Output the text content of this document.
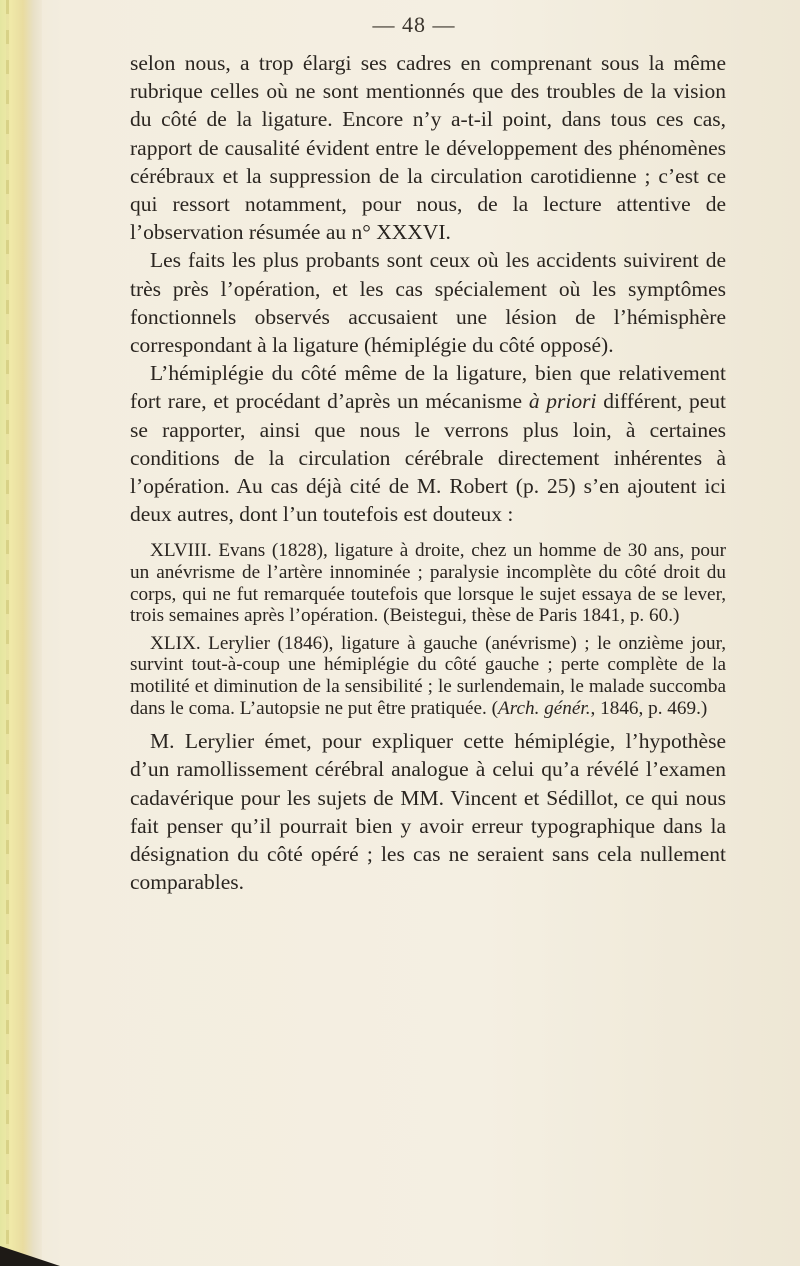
— 48 —

selon nous, a trop élargi ses cadres en comprenant sous la même rubrique celles où ne sont mentionnés que des troubles de la vision du côté de la ligature. Encore n’y a-t-il point, dans tous ces cas, rapport de causalité évident entre le développement des phénomènes cérébraux et la suppression de la circulation carotidienne ; c’est ce qui ressort notamment, pour nous, de la lecture attentive de l’observation résumée au n° XXXVI.

Les faits les plus probants sont ceux où les accidents suivirent de très près l’opération, et les cas spécialement où les symptômes fonctionnels observés accusaient une lésion de l’hémisphère correspondant à la ligature (hémiplégie du côté opposé).

L’hémiplégie du côté même de la ligature, bien que relativement fort rare, et procédant d’après un mécanisme à priori différent, peut se rapporter, ainsi que nous le verrons plus loin, à certaines conditions de la circulation cérébrale directement inhérentes à l’opération. Au cas déjà cité de M. Robert (p. 25) s’en ajoutent ici deux autres, dont l’un toutefois est douteux :

XLVIII. Evans (1828), ligature à droite, chez un homme de 30 ans, pour un anévrisme de l’artère innominée ; paralysie incomplète du côté droit du corps, qui ne fut remarquée toutefois que lorsque le sujet essaya de se lever, trois semaines après l’opération. (Beistegui, thèse de Paris 1841, p. 60.)

XLIX. Lerylier (1846), ligature à gauche (anévrisme) ; le onzième jour, survint tout-à-coup une hémiplégie du côté gauche ; perte complète de la motilité et diminution de la sensibilité ; le surlendemain, le malade succomba dans le coma. L’autopsie ne put être pratiquée. (Arch. génér., 1846, p. 469.)

M. Lerylier émet, pour expliquer cette hémiplégie, l’hypothèse d’un ramollissement cérébral analogue à celui qu’a révélé l’examen cadavérique pour les sujets de MM. Vincent et Sédillot, ce qui nous fait penser qu’il pourrait bien y avoir erreur typographique dans la désignation du côté opéré ; les cas ne seraient sans cela nullement comparables.
